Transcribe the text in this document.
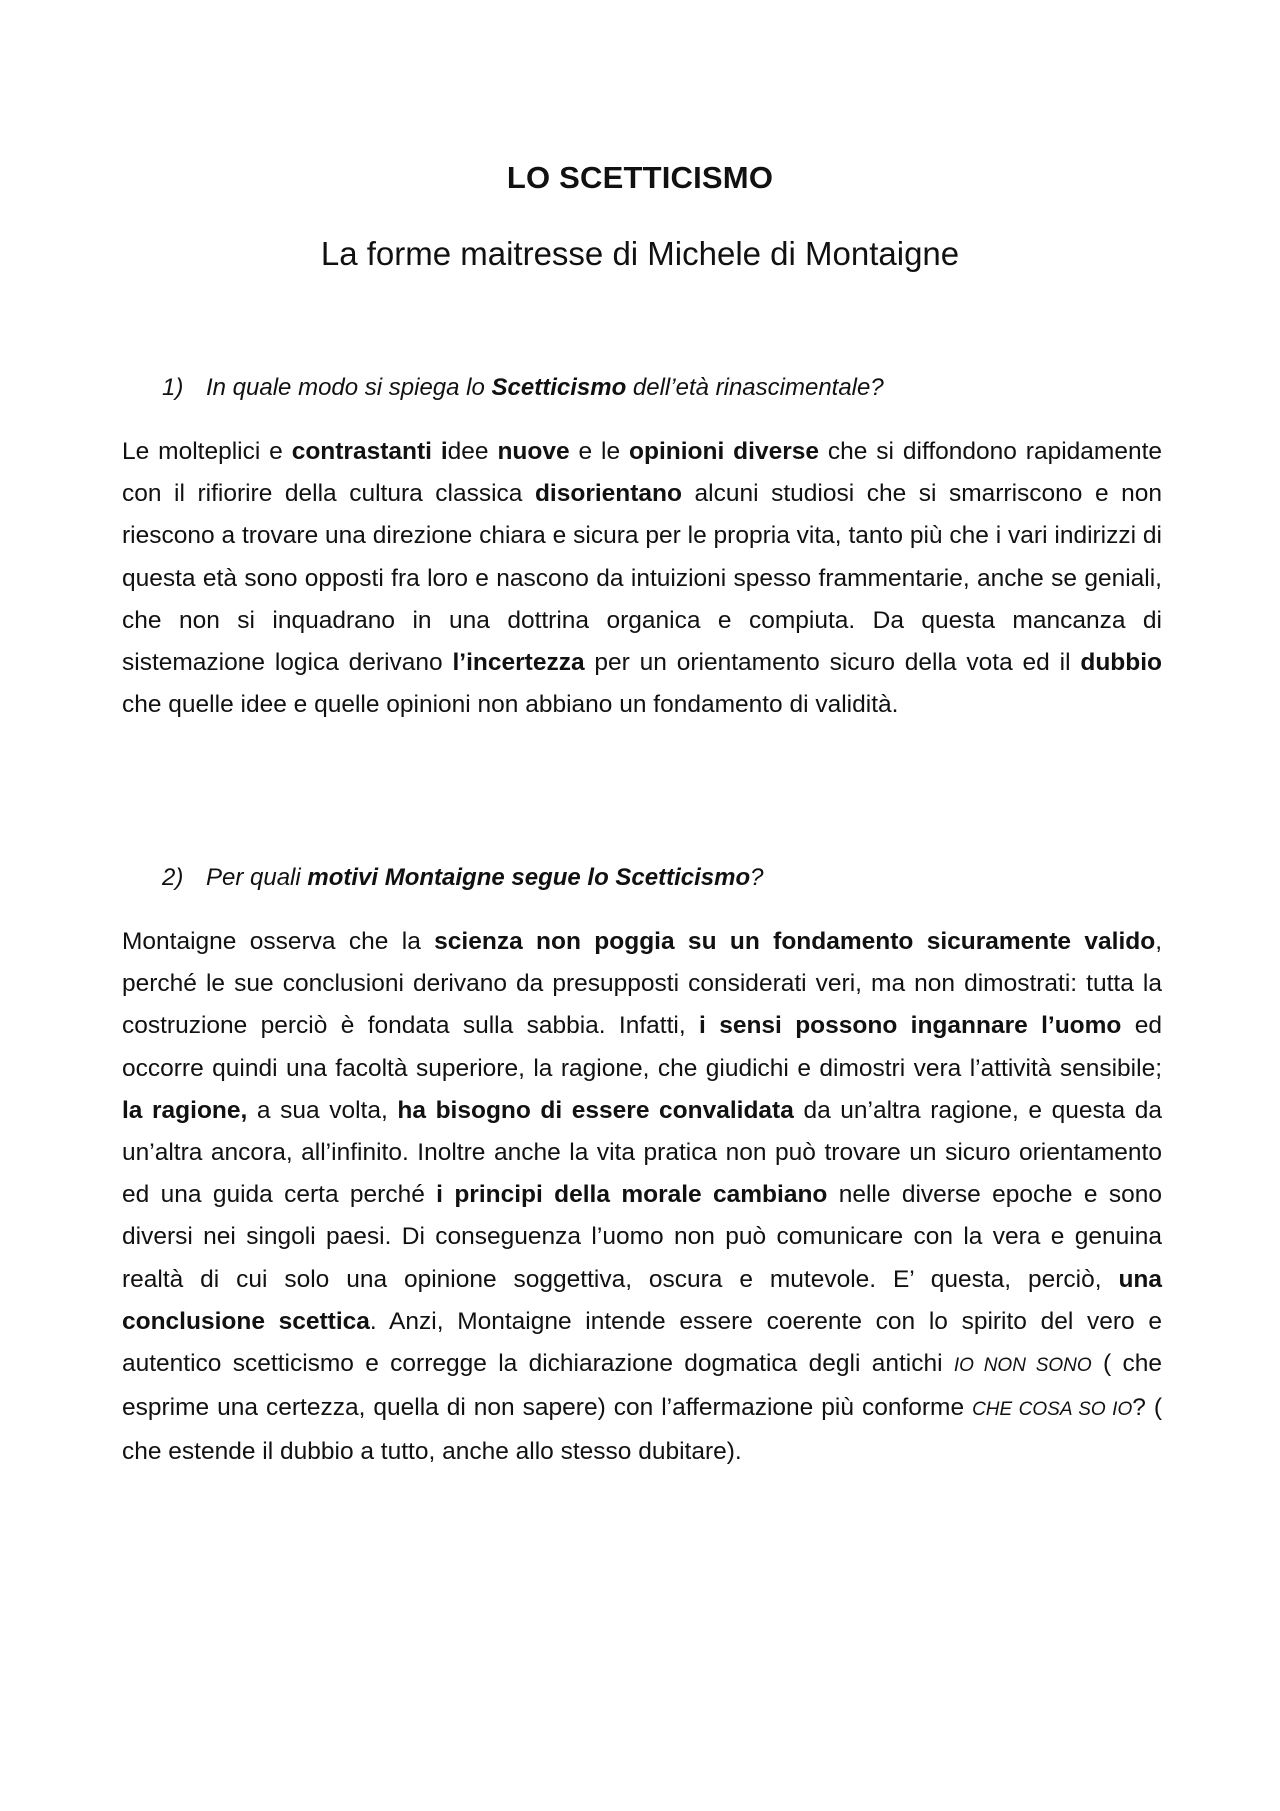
LO SCETTICISMO
La forme maitresse di Michele di Montaigne
1) In quale modo si spiega lo Scetticismo dell’età rinascimentale?
Le molteplici e contrastanti idee nuove e le opinioni diverse che si diffondono rapidamente con il rifiorire della cultura classica disorientano alcuni studiosi che si smarriscono e non riescono a trovare una direzione chiara e sicura per le propria vita, tanto più che i vari indirizzi di questa età sono opposti fra loro e nascono da intuizioni spesso frammentarie, anche se geniali, che non si inquadrano in una dottrina organica e compiuta. Da questa mancanza di sistemazione logica derivano l’incertezza per un orientamento sicuro della vota ed il dubbio che quelle idee e quelle opinioni non abbiano un fondamento di validità.
2) Per quali motivi Montaigne segue lo Scetticismo?
Montaigne osserva che la scienza non poggia su un fondamento sicuramente valido, perché le sue conclusioni derivano da presupposti considerati veri, ma non dimostrati: tutta la costruzione perciò è fondata sulla sabbia. Infatti, i sensi possono ingannare l’uomo ed occorre quindi una facoltà superiore, la ragione, che giudichi e dimostri vera l’attività sensibile; la ragione, a sua volta, ha bisogno di essere convalidata da un’altra ragione, e questa da un’altra ancora, all’infinito. Inoltre anche la vita pratica non può trovare un sicuro orientamento ed una guida certa perché i principi della morale cambiano nelle diverse epoche e sono diversi nei singoli paesi. Di conseguenza l’uomo non può comunicare con la vera e genuina realtà di cui solo una opinione soggettiva, oscura e mutevole. E’ questa, perciò, una conclusione scettica. Anzi, Montaigne intende essere coerente con lo spirito del vero e autentico scetticismo e corregge la dichiarazione dogmatica degli antichi IO NON SONO ( che esprime una certezza, quella di non sapere) con l’affermazione più conforme CHE COSA SO IO? ( che estende il dubbio a tutto, anche allo stesso dubitare).
